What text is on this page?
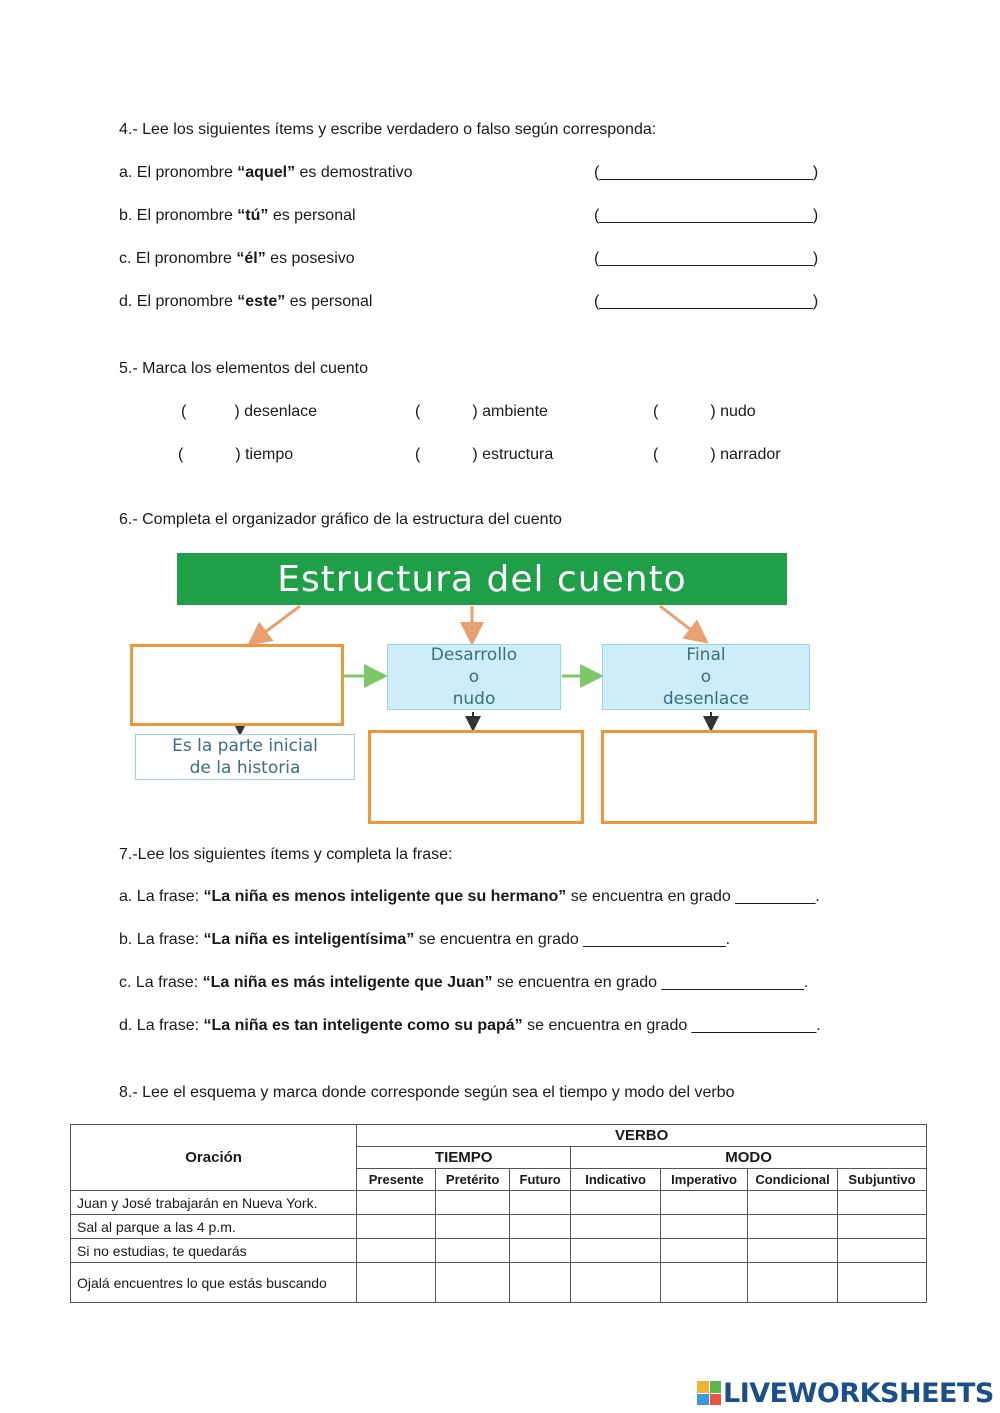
4.- Lee los siguientes ítems y escribe verdadero o falso según corresponda:
a. El pronombre “aquel” es demostrativo	(________________________)
b. El pronombre “tú” es personal	(________________________)
c. El pronombre “él” es posesivo	(________________________)
d. El pronombre “este” es personal	(________________________)
5.- Marca los elementos del cuento
(	) desenlace	(	) ambiente	(	) nudo
(	) tiempo	(	) estructura	(	) narrador
6.- Completa el organizador gráfico de la estructura del cuento
Estructura del cuento
Desarrollo
o
nudo
Final
o
desenlace
Es la parte inicial
de la historia
7.-Lee los siguientes ítems y completa la frase:
a. La frase: “La niña es menos inteligente que su hermano” se encuentra en grado _________.
b. La frase: “La niña es inteligentísima” se encuentra en grado ________________.
c. La frase: “La niña es más inteligente que Juan” se encuentra en grado ________________.
d. La frase: “La niña es tan inteligente como su papá” se encuentra en grado ______________.
8.- Lee el esquema y marca donde corresponde según sea el tiempo y modo del verbo
Oración	VERBO						
	TIEMPO			MODO			
	Presente	Pretérito	Futuro	Indicativo	Imperativo	Condicional	Subjuntivo
Juan y José trabajarán en Nueva York.							
Sal al parque a las 4 p.m.							
Si no estudias, te quedarás							
Ojalá encuentres lo que estás buscando							
LIVEWORKSHEETS
